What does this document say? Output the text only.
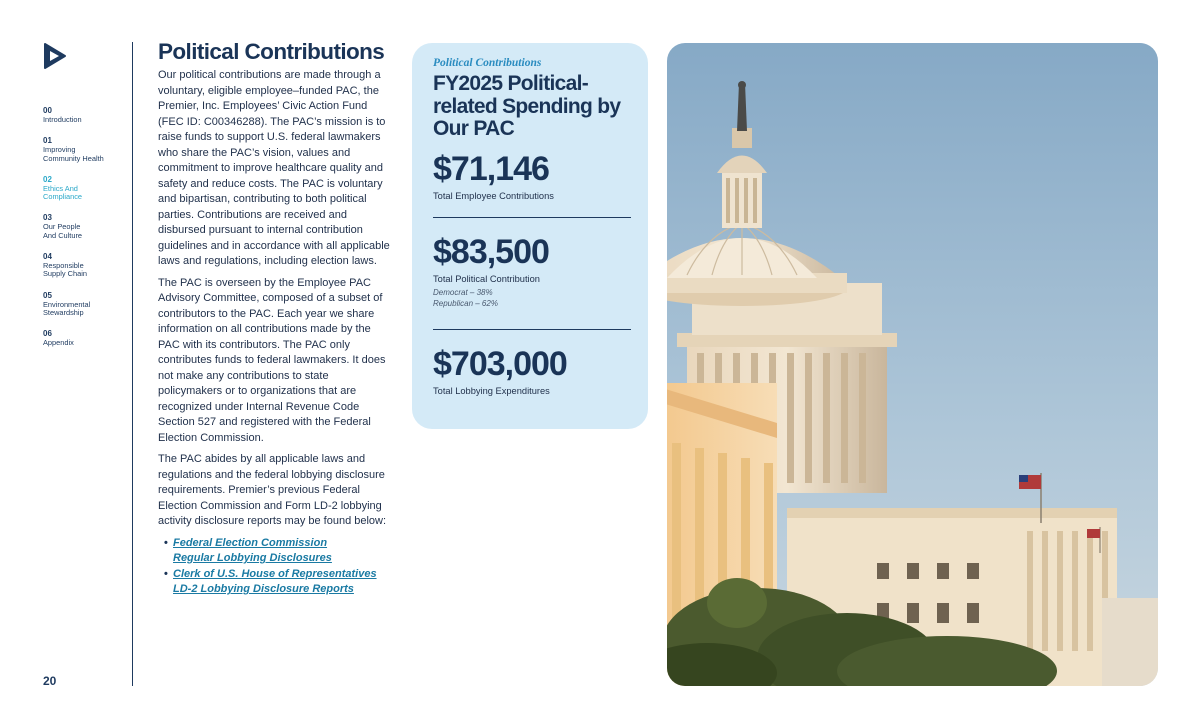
00
Introduction
01
Improving Community Health
02
Ethics And Compliance
03
Our People And Culture
04
Responsible Supply Chain
05
Environmental Stewardship
06
Appendix
20
Political Contributions

Our political contributions are made through a voluntary, eligible employee–funded PAC, the Premier, Inc. Employees’ Civic Action Fund (FEC ID: C00346288). The PAC’s mission is to raise funds to support U.S. federal lawmakers who share the PAC’s vision, values and commitment to improve healthcare quality and safety and reduce costs. The PAC is voluntary and bipartisan, contributing to both political parties. Contributions are received and disbursed pursuant to internal contribution guidelines and in accordance with all applicable laws and regulations, including election laws.

The PAC is overseen by the Employee PAC Advisory Committee, composed of a subset of contributors to the PAC. Each year we share information on all contributions made by the PAC with its contributors. The PAC only contributes funds to federal lawmakers. It does not make any contributions to state policymakers or to organizations that are recognized under Internal Revenue Code Section 527 and registered with the Federal Election Commission.

The PAC abides by all applicable laws and regulations and the federal lobbying disclosure requirements. Premier’s previous Federal Election Commission and Form LD-2 lobbying activity disclosure reports may be found below:

• Federal Election Commission
Regular Lobbying Disclosures
• Clerk of U.S. House of Representatives
LD-2 Lobbying Disclosure Reports
Political Contributions
FY2025 Political-related Spending by Our PAC
$71,146
Total Employee Contributions
$83,500
Total Political Contribution
Democrat – 38%
Republican – 62%
$703,000
Total Lobbying Expenditures
